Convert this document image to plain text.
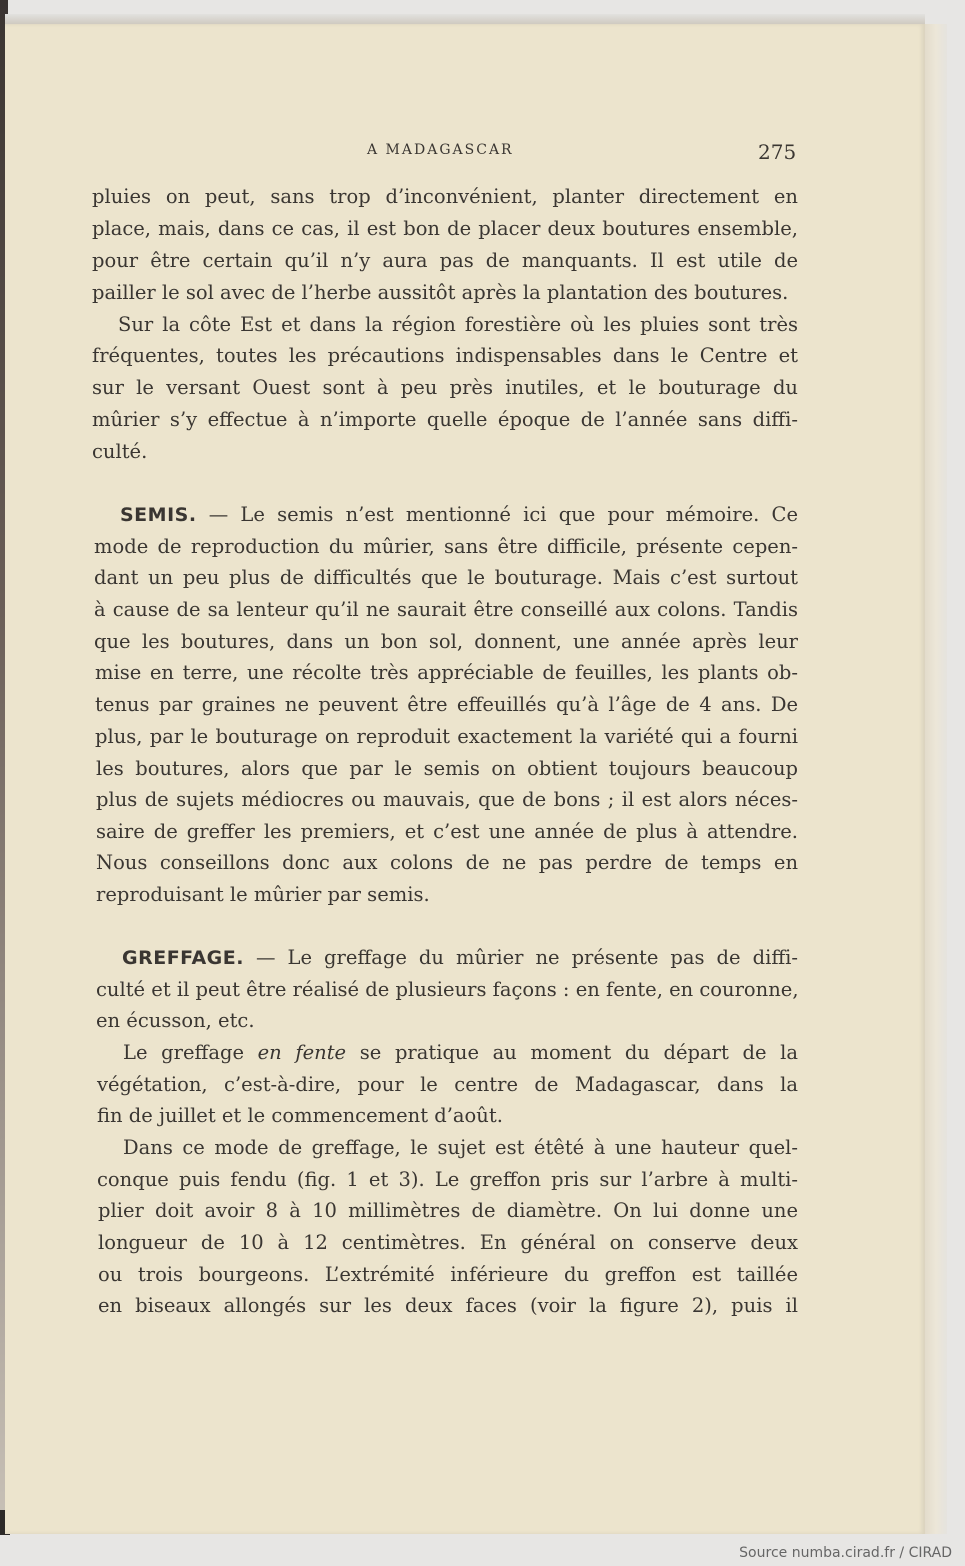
A MADAGASCAR	275
pluies on peut, sans trop d’inconvénient, planter directement en
place, mais, dans ce cas, il est bon de placer deux boutures ensemble,
pour être certain qu’il n’y aura pas de manquants. Il est utile de
pailler le sol avec de l’herbe aussitôt après la plantation des boutures.
Sur la côte Est et dans la région forestière où les pluies sont très
fréquentes, toutes les précautions indispensables dans le Centre et
sur le versant Ouest sont à peu près inutiles, et le bouturage du
mûrier s’y effectue à n’importe quelle époque de l’année sans diffi-
culté.
SEMIS. — Le semis n’est mentionné ici que pour mémoire. Ce
mode de reproduction du mûrier, sans être difficile, présente cepen-
dant un peu plus de difficultés que le bouturage. Mais c’est surtout
à cause de sa lenteur qu’il ne saurait être conseillé aux colons. Tandis
que les boutures, dans un bon sol, donnent, une année après leur
mise en terre, une récolte très appréciable de feuilles, les plants ob-
tenus par graines ne peuvent être effeuillés qu’à l’âge de 4 ans. De
plus, par le bouturage on reproduit exactement la variété qui a fourni
les boutures, alors que par le semis on obtient toujours beaucoup
plus de sujets médiocres ou mauvais, que de bons ; il est alors néces-
saire de greffer les premiers, et c’est une année de plus à attendre.
Nous conseillons donc aux colons de ne pas perdre de temps en
reproduisant le mûrier par semis.
GREFFAGE. — Le greffage du mûrier ne présente pas de diffi-
culté et il peut être réalisé de plusieurs façons : en fente, en couronne,
en écusson, etc.
Le greffage en fente se pratique au moment du départ de la
végétation, c’est-à-dire, pour le centre de Madagascar, dans la
fin de juillet et le commencement d’août.
Dans ce mode de greffage, le sujet est étêté à une hauteur quel-
conque puis fendu (fig. 1 et 3). Le greffon pris sur l’arbre à multi-
plier doit avoir 8 à 10 millimètres de diamètre. On lui donne une
longueur de 10 à 12 centimètres. En général on conserve deux
ou trois bourgeons. L’extrémité inférieure du greffon est taillée
en biseaux allongés sur les deux faces (voir la figure 2), puis il
Source numba.cirad.fr / CIRAD
